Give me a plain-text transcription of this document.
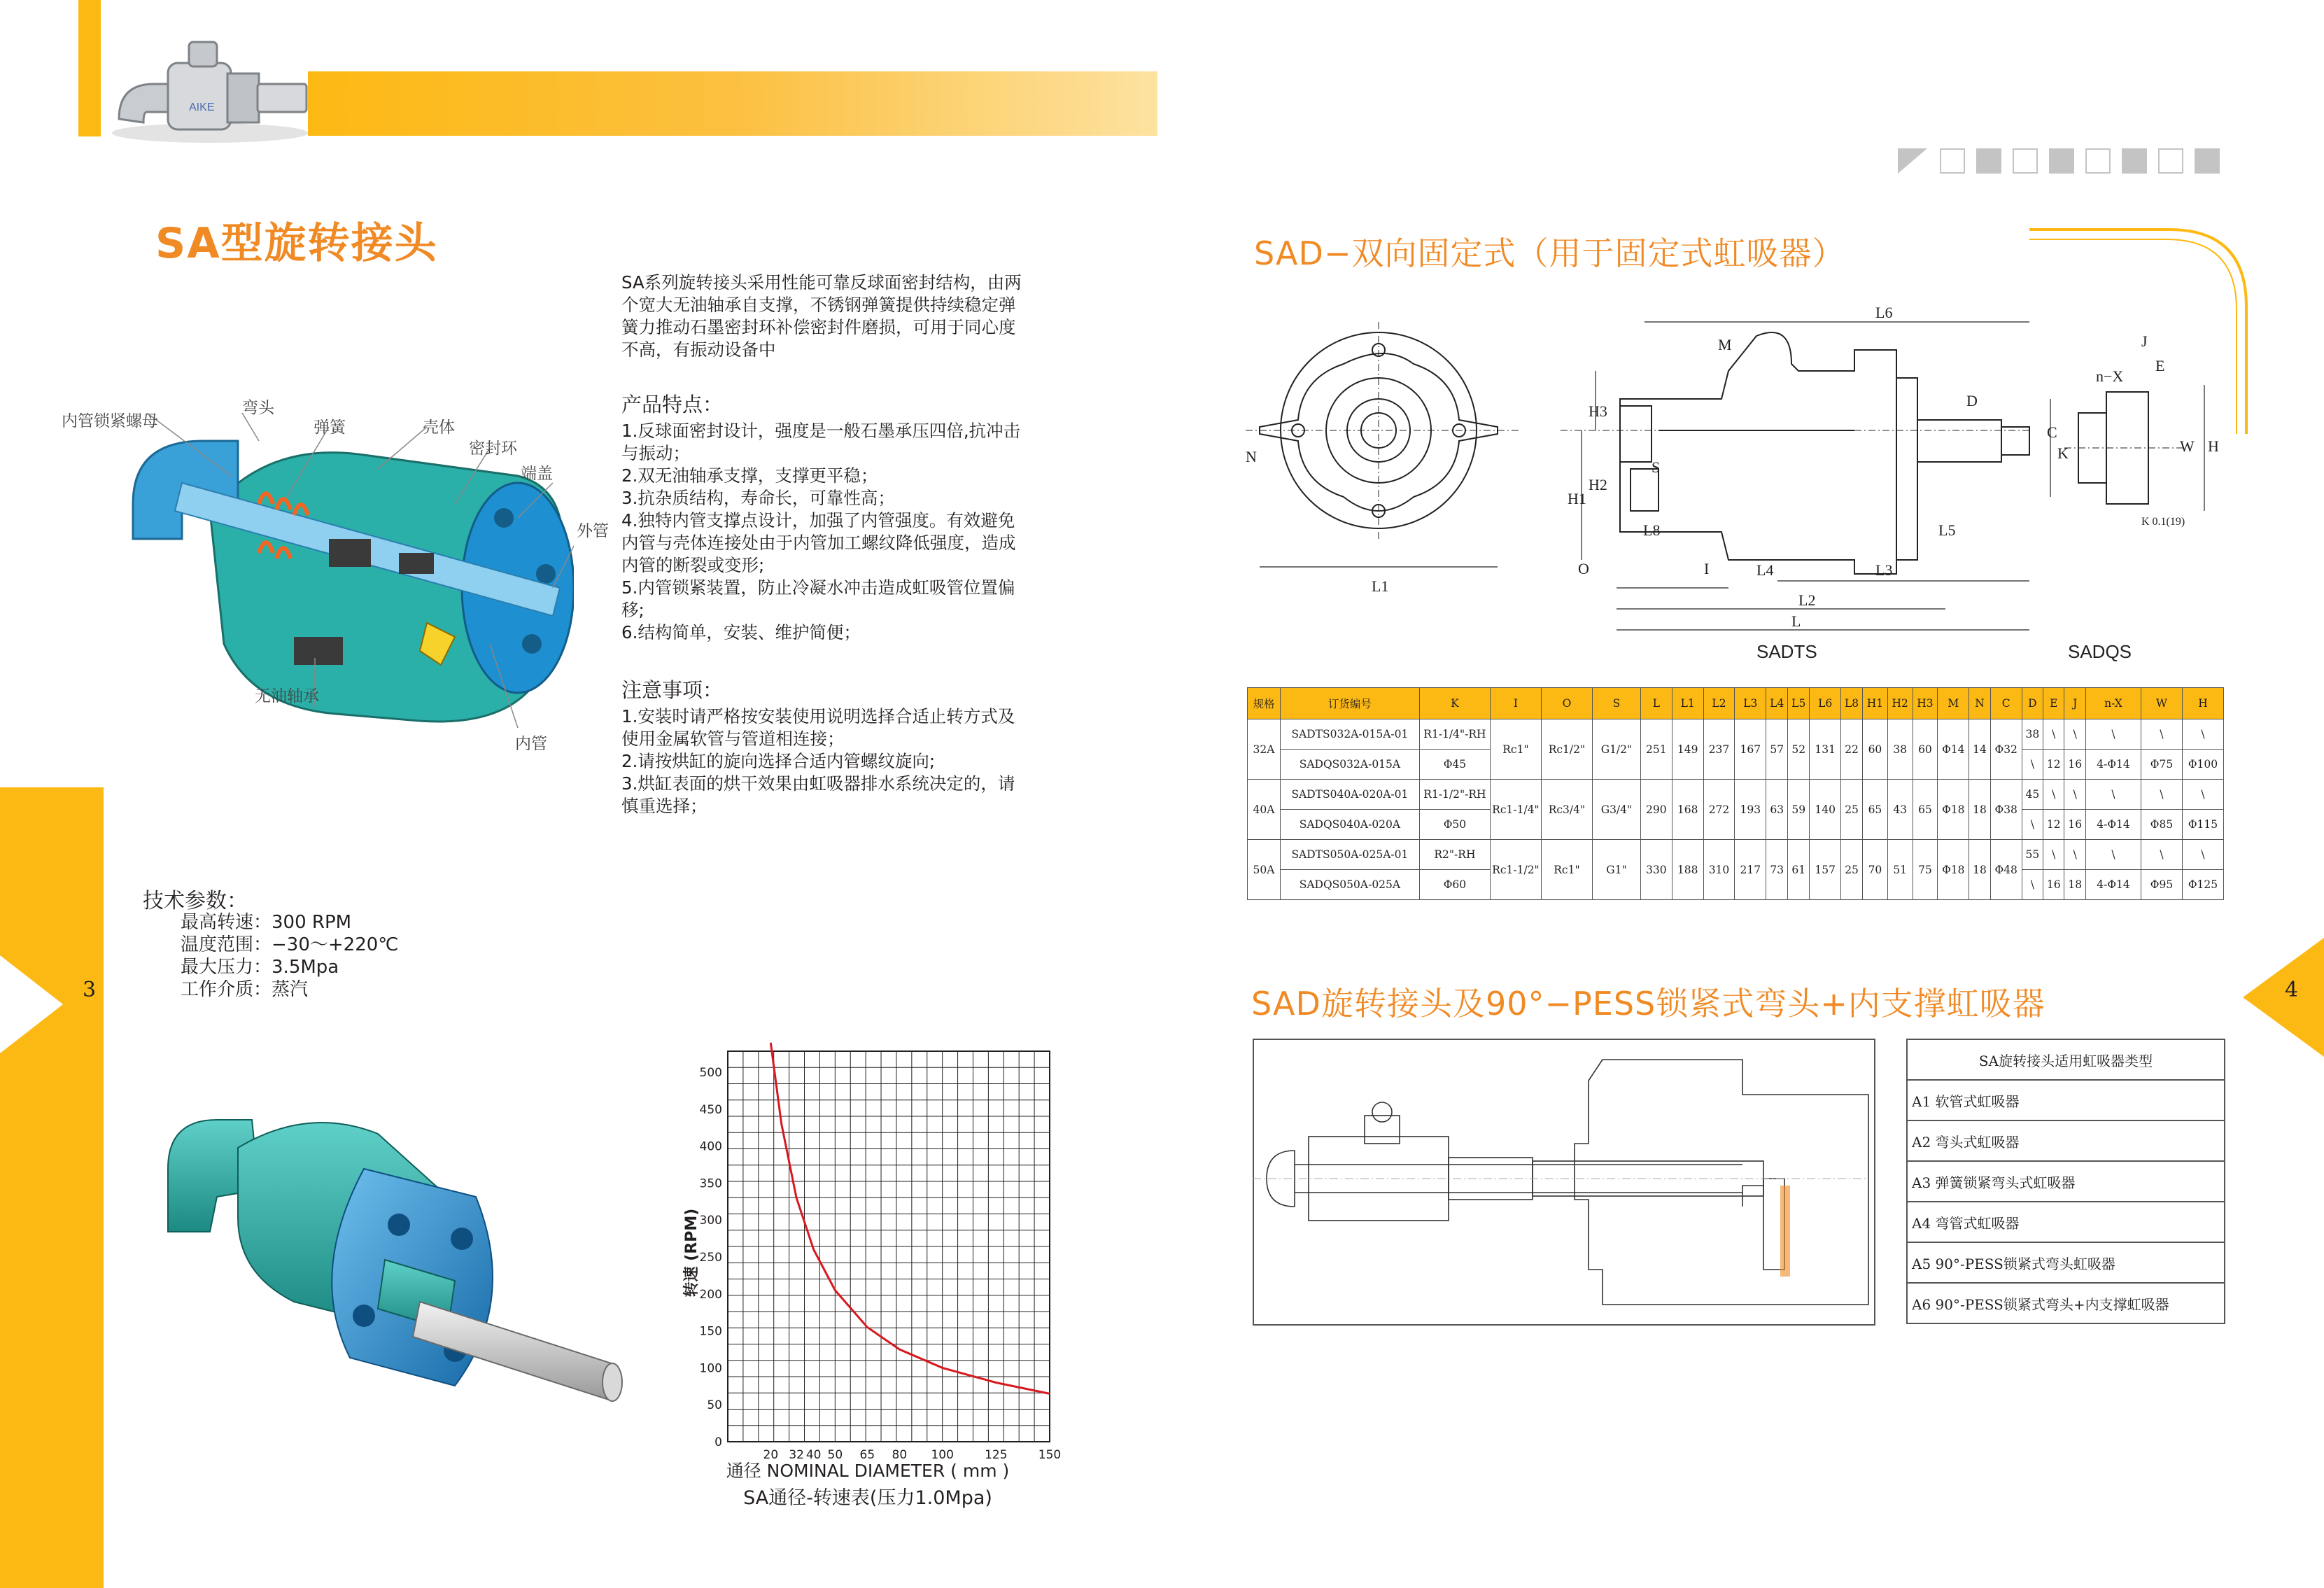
AIKE
3	4
SA型旋转接头

SA系列旋转接头采用性能可靠反球面密封结构，由两

个宽大无油轴承自支撑，不锈钢弹簧提供持续稳定弹

簧力推动石墨密封环补偿密封件磨损，可用于同心度

不高，有振动设备中

产品特点：

1.反球面密封设计，强度是一般石墨承压四倍,抗冲击

与振动；

2.双无油轴承支撑，支撑更平稳；

3.抗杂质结构，寿命长，可靠性高；

4.独特内管支撑点设计，加强了内管强度。有效避免

内管与壳体连接处由于内管加工螺纹降低强度，造成

内管的断裂或变形;

5.内管锁紧装置，防止冷凝水冲击造成虹吸管位置偏

移;

6.结构简单，安装、维护简便；

注意事项：

1.安装时请严格按安装使用说明选择合适止转方式及

使用金属软管与管道相连接；

2.请按烘缸的旋向选择合适内管螺纹旋向;

3.烘缸表面的烘干效果由虹吸器排水系统决定的，请

慎重选择；

内管锁紧螺母
弯头
弹簧	壳体
密封环
端盖
外管
无油轴承
内管
技术参数：
最高转速：300 RPM
温度范围：−30～+220℃
最大压力：3.5Mpa
工作介质：蒸汽
0
50
100
150
200
250
300
350
400
450
500
20 32 40 50 65 80 100	125	150
转速 (RPM)
通径 NOMINAL DIAMETER ( mm )
SA通径-转速表(压力1.0Mpa)
SAD−双向固定式（用于固定式虹吸器）
L1
L4	L3
L2
L
L5
L8
L6
H1
H2
H3
M
N
S
C
K
D
J
E
W H
n−X
K 0.1(19)
O	I
SADTS	SADQS
规格	订货编号	K	I	O	S	L	L1	L2	L3	L4	L5	L6	L8	H1	H2	H3	M	N	C	D	E	J	n-X	W	H
32A	SADTS032A-015A-01	R1-1/4"-RH	Rc1"	Rc1/2"	G1/2"	251	149	237	167	57	52	131	22	60	38	60	Φ14	14	Φ32	38	\	\	\	\	\
	SADQS032A-015A	Φ45																		\	12	16	4-Φ14	Φ75	Φ100
40A	SADTS040A-020A-01	R1-1/2"-RH	Rc1-1/4"	Rc3/4"	G3/4"	290	168	272	193	63	59	140	25	65	43	65	Φ18	18	Φ38	45	\	\	\	\	\
	SADQS040A-020A	Φ50																		\	12	16	4-Φ14	Φ85	Φ115
50A	SADTS050A-025A-01	R2"-RH	Rc1-1/2"	Rc1"	G1"	330	188	310	217	73	61	157	25	70	51	75	Φ18	18	Φ48	55	\	\	\	\	\
	SADQS050A-025A	Φ60																		\	16	18	4-Φ14	Φ95	Φ125
SAD旋转接头及90°−PESS锁紧式弯头+内支撑虹吸器
SA旋转接头适用虹吸器类型
A1 软管式虹吸器
A2 弯头式虹吸器
A3 弹簧锁紧弯头式虹吸器
A4 弯管式虹吸器
A5 90°-PESS锁紧式弯头虹吸器
A6 90°-PESS锁紧式弯头+内支撑虹吸器
